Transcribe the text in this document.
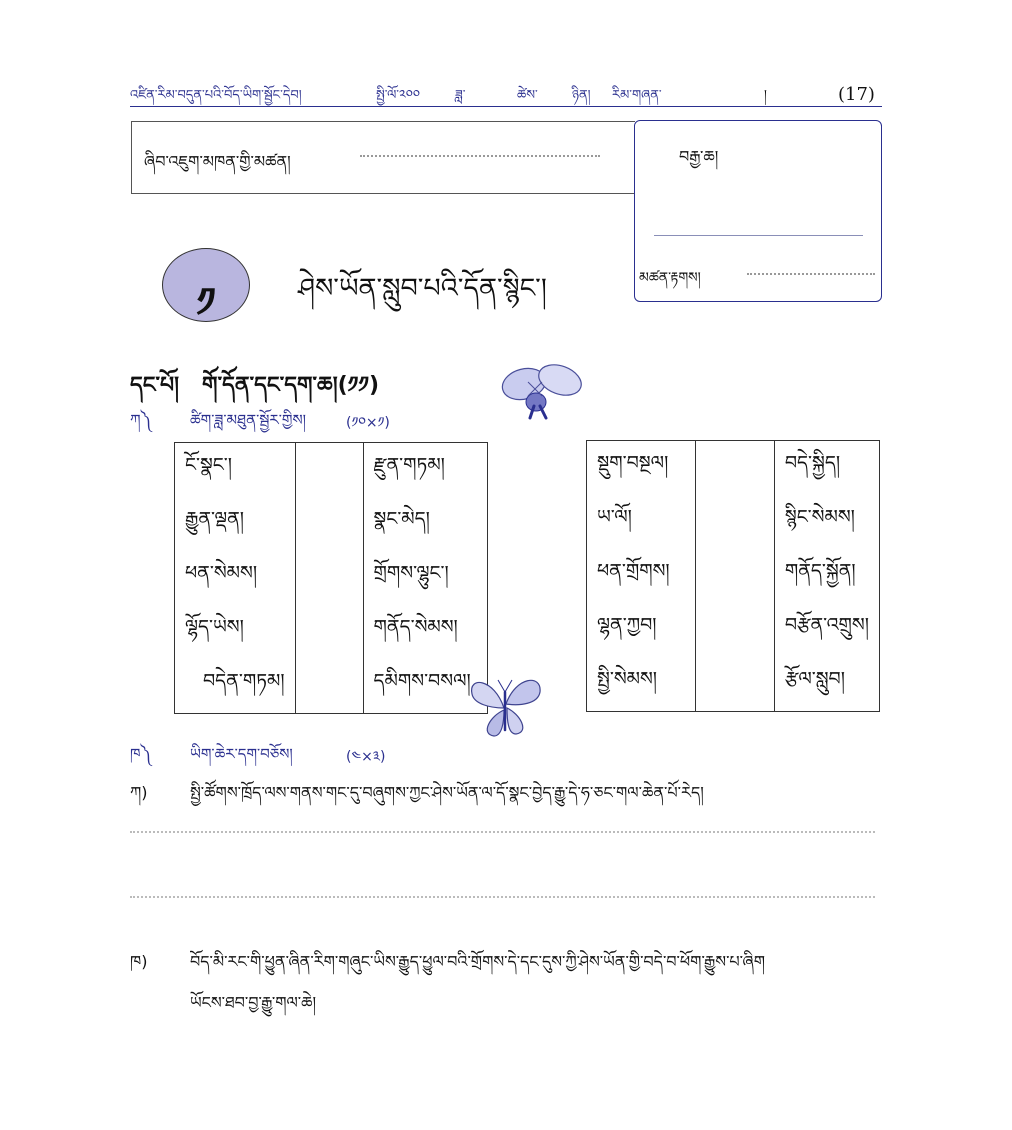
འཛིན་རིམ་བདུན་པའི་བོད་ཡིག་སྦྱོང་དེབ།	སྤྱི་ལོ་༢༠༠	ཟླ་	ཚེས་	ཉིན། རིམ་གཞན་	།	(17)
ཞིབ་འཇུག་མཁན་གྱི་མཚན།	བརྒྱ་ཆ།
མཚན་རྟགས།
༡	ཤེས་ཡོན་སླུབ་པའི་དོན་སྙིང་།
དང་པོ།   གོ་དོན་དང་དག་ཆ།(༡༡)
ཀ༽	ཚིག་ཟླ་མཐུན་སྦྱོར་གྱིས།	(༡༠×༡)
ངོ་སྣང་།		རྫུན་གཏམ།
རྒྱུན་ལྡན།		སྣང་མེད།
ཕན་སེམས།		གྲོགས་ལྷུང་།
ལྷོད་ཡེས།		གནོད་སེམས།
བདེན་གཏམ།		དམིགས་བསལ།
སྡུག་བསྔལ།		བདེ་སྐྱིད།
ཡ་ལོ།		སྙིང་སེམས།
ཕན་གྲོགས།		གནོད་སྐྱོན།
ལྷན་ཀྱབ།		བརྩོན་འགྲུས།
སྤྱི་སེམས།		རྩོལ་སླུབ།
ཁ༽	ཡིག་ཆེར་དག་བཅོས།	(༤×༣)
ཀ)	སྤྱི་ཚོགས་ཁྲོད་ལས་གནས་གང་དུ་བཞུགས་ཀྱང་ཤེས་ཡོན་ལ་དོ་སྣང་བྱེད་རྒྱུ་དེ་ཧ་ཅང་གལ་ཆེན་པོ་རེད།
ཁ)	བོད་མི་རང་གི་ཕྱུན་ཞིན་རིག་གཞུང་ཡིས་རྒྱུད་ཕྱུལ་བའི་གྲོགས་དེ་དང་དུས་ཀྱི་ཤེས་ཡོན་གྱི་བདེ་བ་ཕོག་རྒྱུས་པ་ཞིག
ཡོངས་ཐབ་བྱ་རྒྱུ་གལ་ཆེ།
